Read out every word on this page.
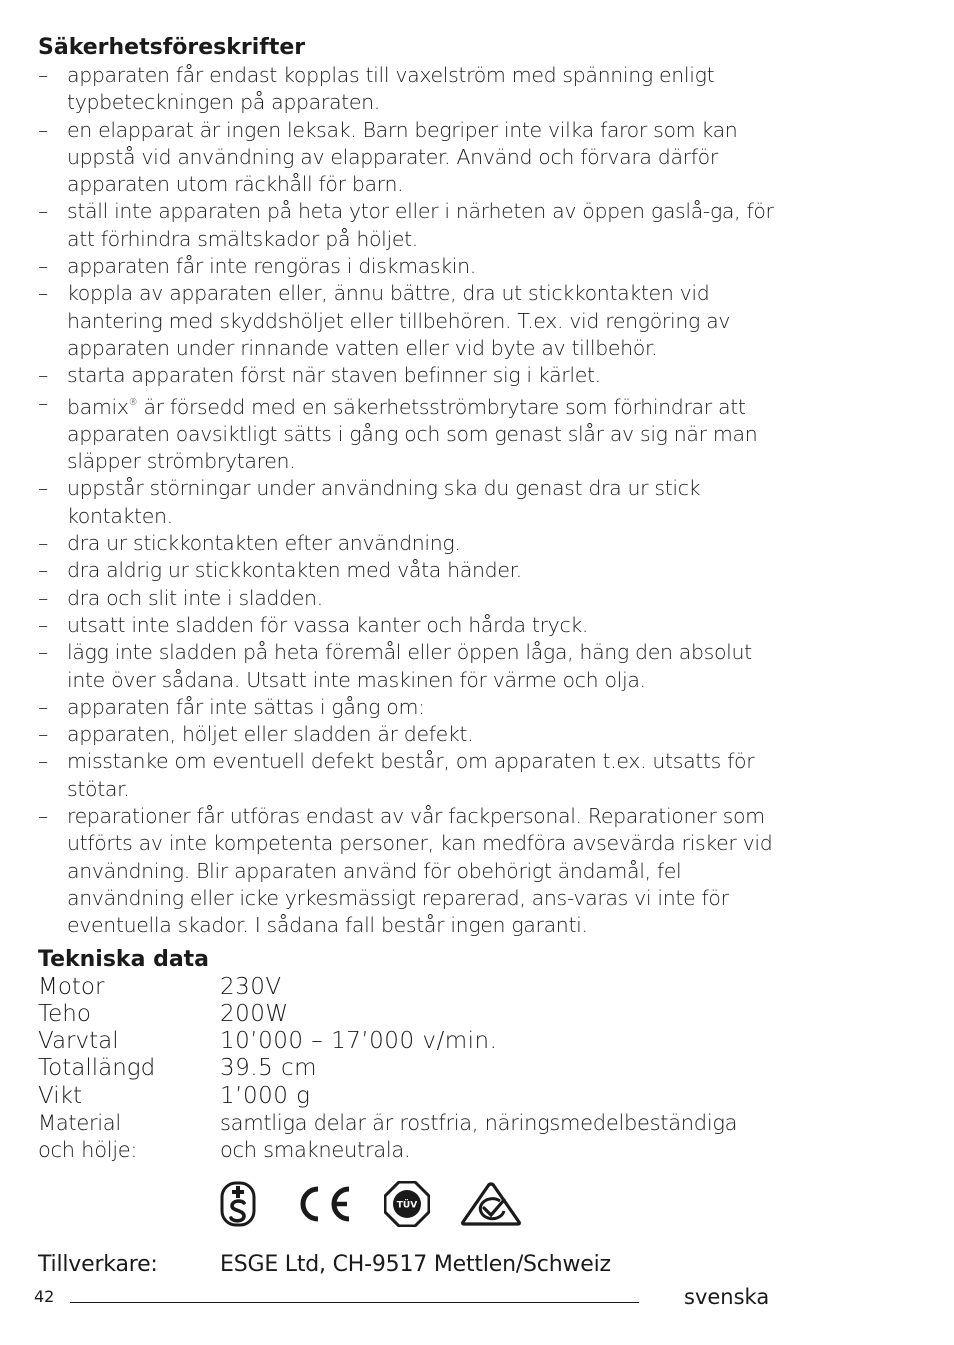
Säkerhetsföreskrifter
– apparaten får endast kopplas till vaxelström med spänning enligt typbeteckningen på apparaten.
– en elapparat är ingen leksak. Barn begriper inte vilka faror som kan uppstå vid användning av elapparater. Använd och förvara därför apparaten utom räckhåll för barn.
– ställ inte apparaten på heta ytor eller i närheten av öppen gaslå-ga, för att förhindra smältskador på höljet.
– apparaten får inte rengöras i diskmaskin.
– koppla av apparaten eller, ännu bättre, dra ut stickkontakten vid hantering med skyddshöljet eller tillbehören. T.ex. vid rengöring av apparaten under rinnande vatten eller vid byte av tillbehör.
– starta apparaten först när staven befinner sig i kärlet.
– bamix® är försedd med en säkerhetsströmbrytare som förhindrar att apparaten oavsiktligt sätts i gång och som genast slår av sig när man släpper strömbrytaren.
– uppstår störningar under användning ska du genast dra ur stick kontakten.
– dra ur stickkontakten efter användning.
– dra aldrig ur stickkontakten med våta händer.
– dra och slit inte i sladden.
– utsatt inte sladden för vassa kanter och hårda tryck.
– lägg inte sladden på heta föremål eller öppen låga, häng den absolut inte över sådana. Utsatt inte maskinen för värme och olja.
– apparaten får inte sättas i gång om:
– apparaten, höljet eller sladden är defekt.
– misstanke om eventuell defekt består, om apparaten t.ex. utsatts för stötar.
– reparationer får utföras endast av vår fackpersonal. Reparationer som utförts av inte kompetenta personer, kan medföra avsevärda risker vid användning. Blir apparaten använd för obehörigt ändamål, fel användning eller icke yrkesmässigt reparerad, ans-varas vi inte för eventuella skador. I sådana fall består ingen garanti.
Tekniska data
Motor	230V
Teho	200W
Varvtal	10’000 – 17’000 v/min.
Totallängd	39.5 cm
Vikt	1’000 g
Material	samtliga delar är rostfria, näringsmedelbeständiga
och hölje:	och smakneutrala.
TÜV
Tillverkare:	ESGE Ltd, CH-9517 Mettlen/Schweiz
42	svenska
